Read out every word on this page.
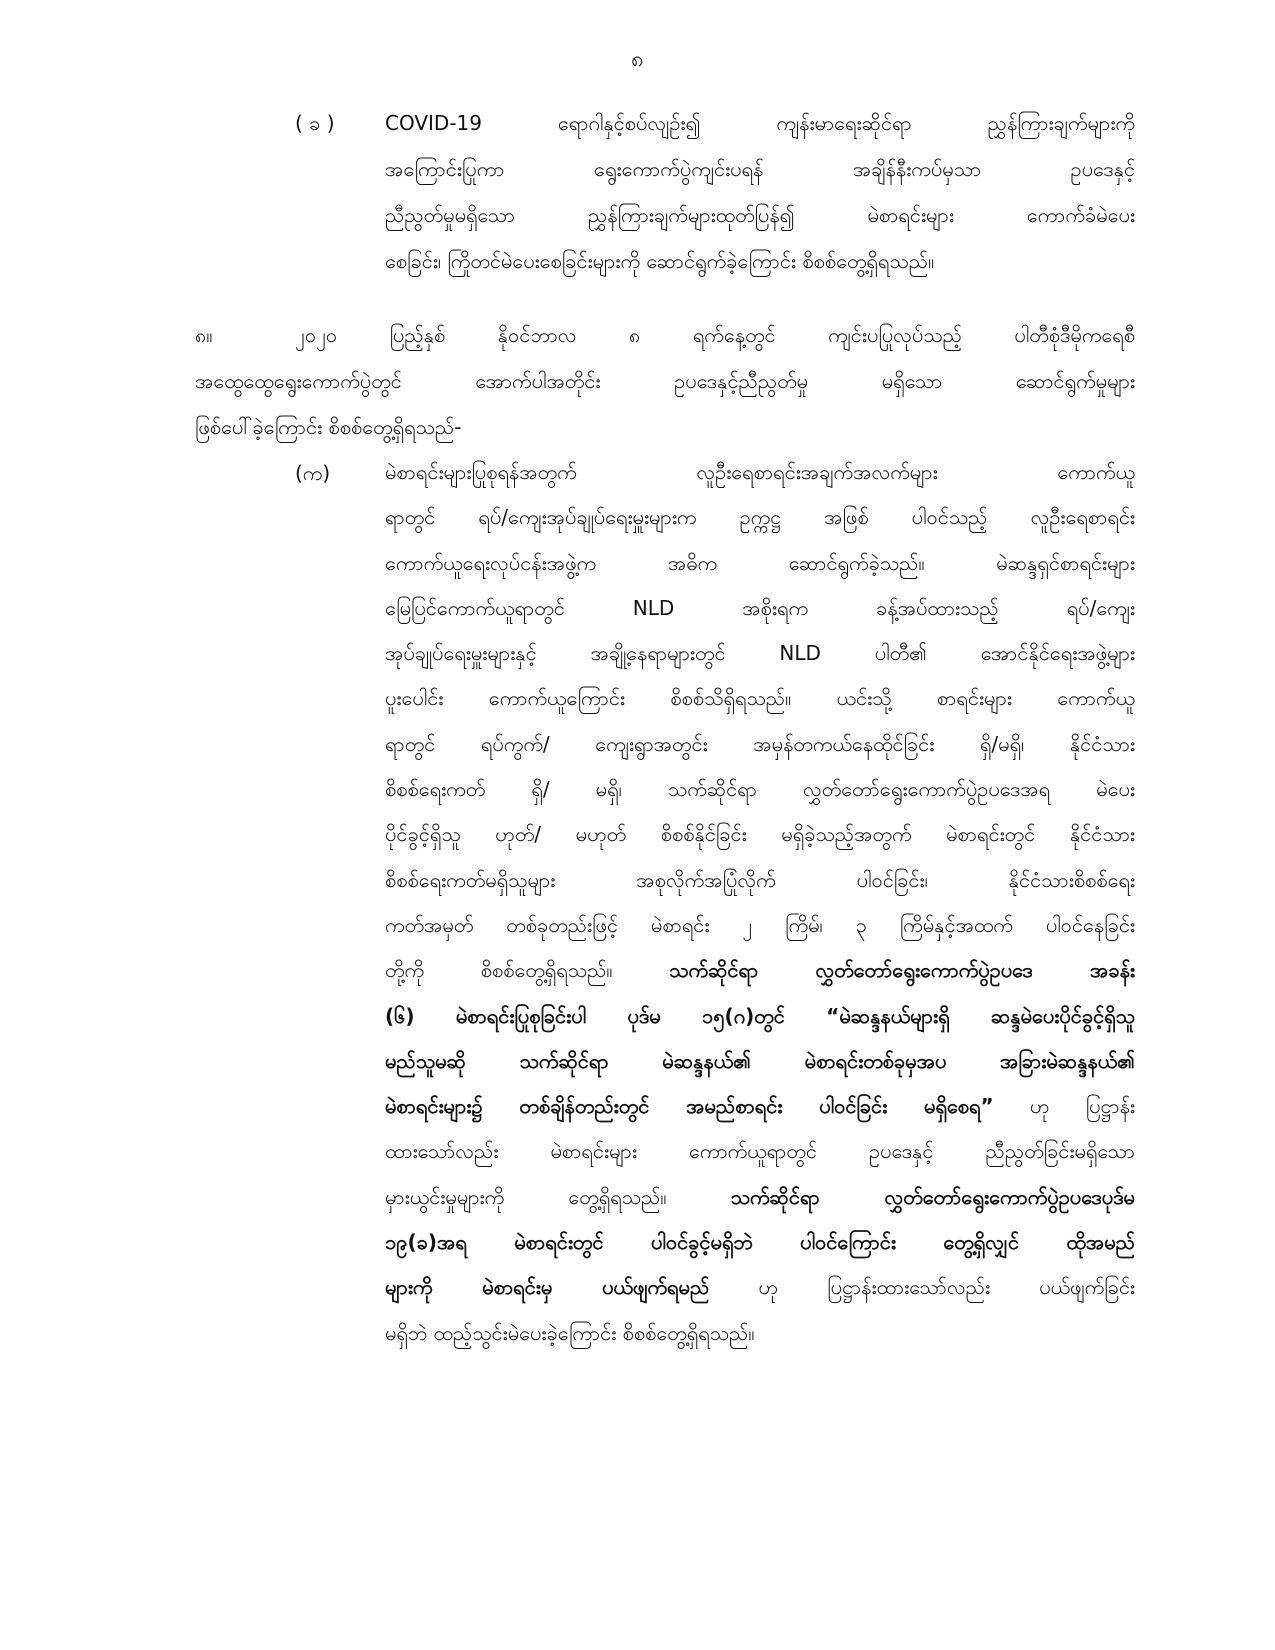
၈
( ခ )	COVID-19 ရောဂါနှင့်စပ်လျဉ်း၍ ကျန်းမာရေးဆိုင်ရာ ညွှန်ကြားချက်များကို
အကြောင်းပြုကာ ရွေးကောက်ပွဲကျင်းပရန် အချိန်နီးကပ်မှသာ ဥပဒေနှင့်
ညီညွတ်မှုမရှိသော ညွှန်ကြားချက်များထုတ်ပြန်၍ မဲစာရင်းများ ကောက်ခံမဲပေး
စေခြင်း၊ ကြိုတင်မဲပေးစေခြင်းများကို ဆောင်ရွက်ခဲ့ကြောင်း စိစစ်တွေ့ရှိရသည်။
၈။	၂၀၂၀ ပြည့်နှစ် နိုဝင်ဘာလ ၈ ရက်နေ့တွင် ကျင်းပပြုလုပ်သည့် ပါတီစုံဒီမိုကရေစီ
အထွေထွေရွေးကောက်ပွဲတွင် အောက်ပါအတိုင်း ဥပဒေနှင့်ညီညွတ်မှု မရှိသော ဆောင်ရွက်မှုများ
ဖြစ်ပေါ်ခဲ့ကြောင်း စိစစ်တွေ့ရှိရသည်-
(က)	မဲစာရင်းများပြုစုရန်အတွက် လူဦးရေစာရင်းအချက်အလက်များ ကောက်ယူ
ရာတွင် ရပ်/ကျေးအုပ်ချုပ်ရေးမှူးများက ဥက္ကဋ္ဌ အဖြစ် ပါဝင်သည့် လူဦးရေစာရင်း
ကောက်ယူရေးလုပ်ငန်းအဖွဲ့က အဓိက ဆောင်ရွက်ခဲ့သည်။ မဲဆန္ဒရှင်စာရင်းများ
မြေပြင်ကောက်ယူရာတွင် NLD အစိုးရက ခန့်အပ်ထားသည့် ရပ်/ကျေး
အုပ်ချုပ်ရေးမှူးများနှင့် အချို့နေရာများတွင် NLD ပါတီ၏ အောင်နိုင်ရေးအဖွဲ့များ
ပူးပေါင်း ကောက်ယူကြောင်း စိစစ်သိရှိရသည်။ ယင်းသို့ စာရင်းများ ကောက်ယူ
ရာတွင် ရပ်ကွက်/ ကျေးရွာအတွင်း အမှန်တကယ်နေထိုင်ခြင်း ရှိ/မရှိ၊ နိုင်ငံသား
စိစစ်ရေးကတ် ရှိ/ မရှိ၊ သက်ဆိုင်ရာ လွှတ်တော်ရွေးကောက်ပွဲဥပဒေအရ မဲပေး
ပိုင်ခွင့်ရှိသူ ဟုတ်/ မဟုတ် စိစစ်နိုင်ခြင်း မရှိခဲ့သည့်အတွက် မဲစာရင်းတွင် နိုင်ငံသား
စိစစ်ရေးကတ်မရှိသူများ အစုလိုက်အပြုံလိုက် ပါဝင်ခြင်း၊ နိုင်ငံသားစိစစ်ရေး
ကတ်အမှတ် တစ်ခုတည်းဖြင့် မဲစာရင်း ၂ ကြိမ်၊ ၃ ကြိမ်နှင့်အထက် ပါဝင်နေခြင်း
တို့ကို စိစစ်တွေ့ရှိရသည်။ သက်ဆိုင်ရာ လွှတ်တော်ရွေးကောက်ပွဲဥပဒေ အခန်း
(၆) မဲစာရင်းပြုစုခြင်းပါ ပုဒ်မ ၁၅(ဂ)တွင် “မဲဆန္ဒနယ်များရှိ ဆန္ဒမဲပေးပိုင်ခွင့်ရှိသူ
မည်သူမဆို သက်ဆိုင်ရာ မဲဆန္ဒနယ်၏ မဲစာရင်းတစ်ခုမှအပ အခြားမဲဆန္ဒနယ်၏
မဲစာရင်းများ၌ တစ်ချိန်တည်းတွင် အမည်စာရင်း ပါဝင်ခြင်း မရှိစေရ” ဟု ပြဋ္ဌာန်း
ထားသော်လည်း မဲစာရင်းများ ကောက်ယူရာတွင် ဥပဒေနှင့် ညီညွတ်ခြင်းမရှိသော
မှားယွင်းမှုများကို တွေ့ရှိရသည်။ သက်ဆိုင်ရာ လွှတ်တော်ရွေးကောက်ပွဲဥပဒေပုဒ်မ
၁၉(ခ)အရ မဲစာရင်းတွင် ပါဝင်ခွင့်မရှိဘဲ ပါဝင်ကြောင်း တွေ့ရှိလျှင် ထိုအမည်
များကို မဲစာရင်းမှ ပယ်ဖျက်ရမည် ဟု ပြဋ္ဌာန်းထားသော်လည်း ပယ်ဖျက်ခြင်း
မရှိဘဲ ထည့်သွင်းမဲပေးခဲ့ကြောင်း စိစစ်တွေ့ရှိရသည်။
